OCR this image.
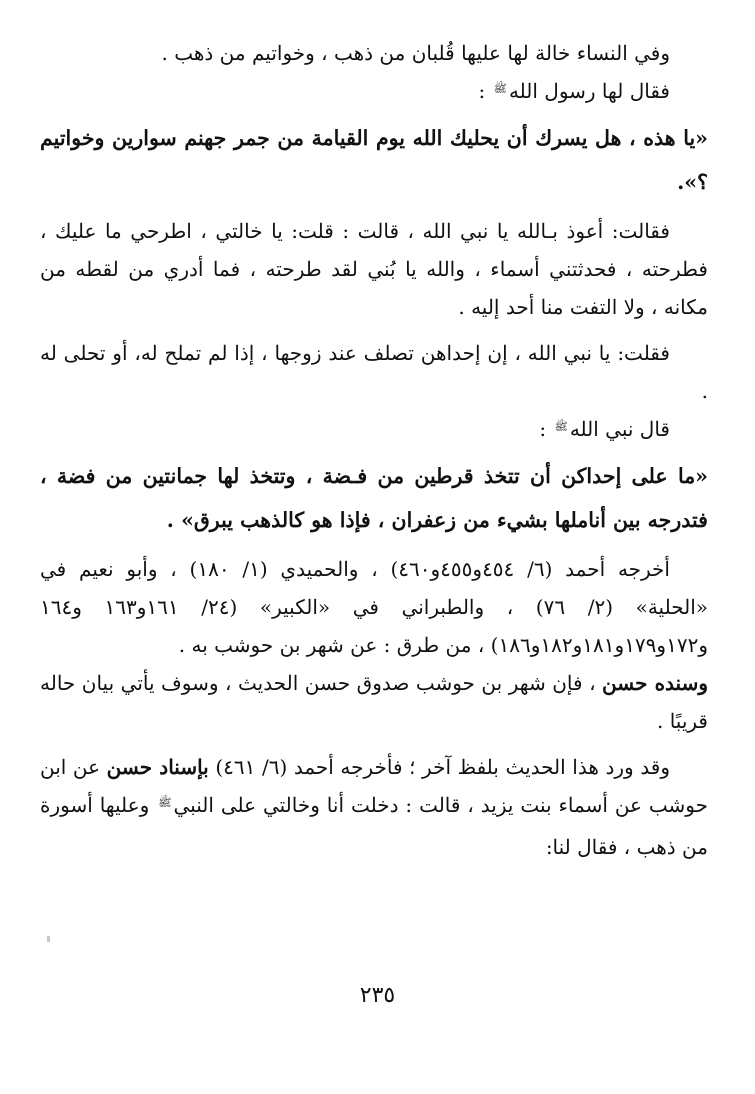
وفي النساء خالة لها عليها قُلبان من ذهب ، وخواتيم من ذهب .

فقال لها رسول الله$^ﷺ$ :

«يا هذه ، هل يسرك أن يحليك الله يوم القيامة من جمر جهنم سوارين وخواتيم ؟».

فقالت: أعوذ بـالله يا نبي الله ، قالت : قلت: يا خالتي ، اطرحي ما عليك ، فطرحته ، فحدثتني أسماء ، والله يا بُني لقد طرحته ، فما أدري من لقطه من مكانه ، ولا التفت منا أحد إليه .

فقلت: يا نبي الله ، إن إحداهن تصلف عند زوجها ، إذا لم تملح له، أو تحلى له .

قال نبي الله$^ﷺ$ :

«ما على إحداكن أن تتخذ قرطين من فـضة ، وتتخذ لها جمانتين من فضة ، فتدرجه بين أناملها بشيء من زعفران ، فإذا هو كالذهب يبرق» .

أخرجه أحمد (٦/ ٤٥٤و٤٥٥و٤٦٠) ، والحميدي (١/ ١٨٠) ، وأبو نعيم في «الحلية» (٢/ ٧٦) ، والطبراني في «الكبير» (٢٤/ ١٦١و١٦٣ و١٦٤ و١٧٢و١٧٩و١٨١و١٨٢و١٨٦) ، من طرق : عن شهر بن حوشب به .

وسنده حسن ، فإن شهر بن حوشب صدوق حسن الحديث ، وسوف يأتي بيان حاله قريبًا .

وقد ورد هذا الحديث بلفظ آخر ؛ فأخرجه أحمد (٦/ ٤٦١) بإسناد حسن عن ابن حوشب عن أسماء بنت يزيد ، قالت : دخلت أنا وخالتي على النبي$^ﷺ$ وعليها أسورة من ذهب ، فقال لنا:

٢٣٥
